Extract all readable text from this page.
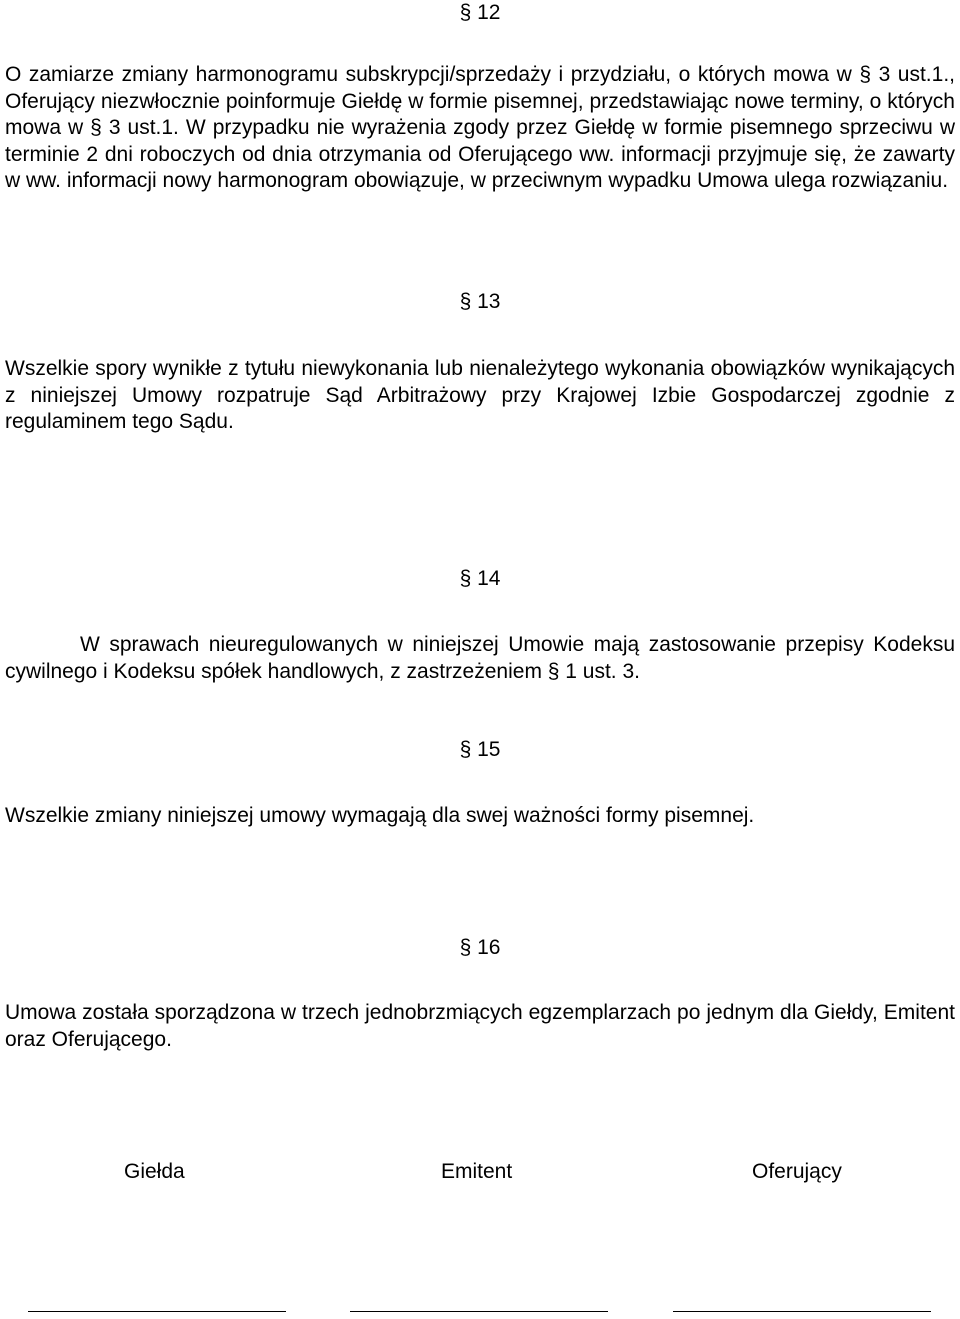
§ 12

O zamiarze zmiany harmonogramu subskrypcji/sprzedaży i przydziału, o których mowa w § 3 ust.1., Oferujący niezwłocznie poinformuje Giełdę w formie pisemnej, przedstawiając nowe terminy, o których mowa w § 3 ust.1. W przypadku nie wyrażenia zgody przez Giełdę w formie pisemnego sprzeciwu w terminie 2 dni roboczych od dnia otrzymania od Oferującego ww. informacji przyjmuje się, że zawarty w ww. informacji nowy harmonogram obowiązuje, w przeciwnym wypadku Umowa ulega rozwiązaniu.

§ 13

Wszelkie spory wynikłe z tytułu niewykonania lub nienależytego wykonania obowiązków wynikających z niniejszej Umowy rozpatruje Sąd Arbitrażowy przy Krajowej Izbie Gospodarczej zgodnie z regulaminem tego Sądu.

§ 14

W sprawach nieuregulowanych w niniejszej Umowie mają zastosowanie przepisy Kodeksu cywilnego i Kodeksu spółek handlowych, z zastrzeżeniem § 1 ust. 3.

§ 15

Wszelkie zmiany niniejszej umowy wymagają dla swej ważności formy pisemnej.

§ 16

Umowa została sporządzona w trzech jednobrzmiących egzemplarzach po jednym dla Giełdy, Emitent oraz Oferującego.

Giełda	Emitent	Oferujący
